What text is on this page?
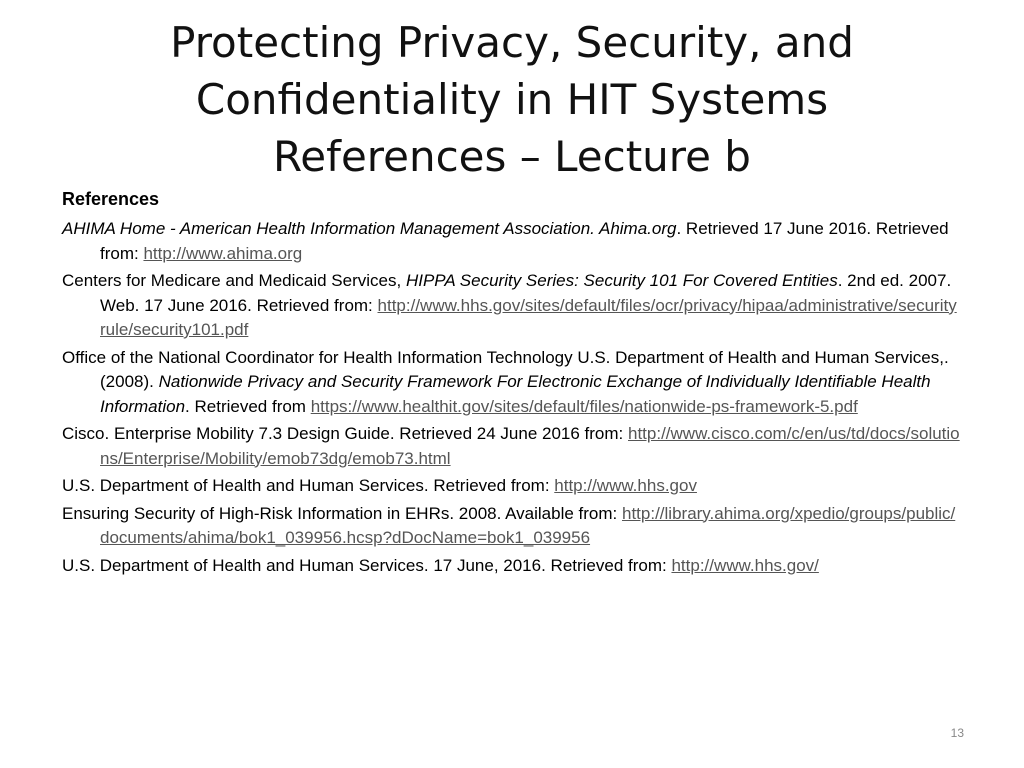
Protecting Privacy, Security, and
Confidentiality in HIT Systems
References – Lecture b
References
AHIMA Home - American Health Information Management Association. Ahima.org. Retrieved 17 June 2016. Retrieved from: http://www.ahima.org
Centers for Medicare and Medicaid Services, HIPPA Security Series: Security 101 For Covered Entities. 2nd ed. 2007. Web. 17 June 2016. Retrieved from: http://www.hhs.gov/sites/default/files/ocr/privacy/hipaa/administrative/securityrule/security101.pdf
Office of the National Coordinator for Health Information Technology U.S. Department of Health and Human Services,. (2008). Nationwide Privacy and Security Framework For Electronic Exchange of Individually Identifiable Health Information. Retrieved from https://www.healthit.gov/sites/default/files/nationwide-ps-framework-5.pdf
Cisco. Enterprise Mobility 7.3 Design Guide. Retrieved 24 June 2016 from: http://www.cisco.com/c/en/us/td/docs/solutions/Enterprise/Mobility/emob73dg/emob73.html
U.S. Department of Health and Human Services. Retrieved from: http://www.hhs.gov
Ensuring Security of High-Risk Information in EHRs. 2008. Available from: http://library.ahima.org/xpedio/groups/public/documents/ahima/bok1_039956.hcsp?dDocName=bok1_039956
U.S. Department of Health and Human Services. 17 June, 2016. Retrieved from: http://www.hhs.gov/
13
